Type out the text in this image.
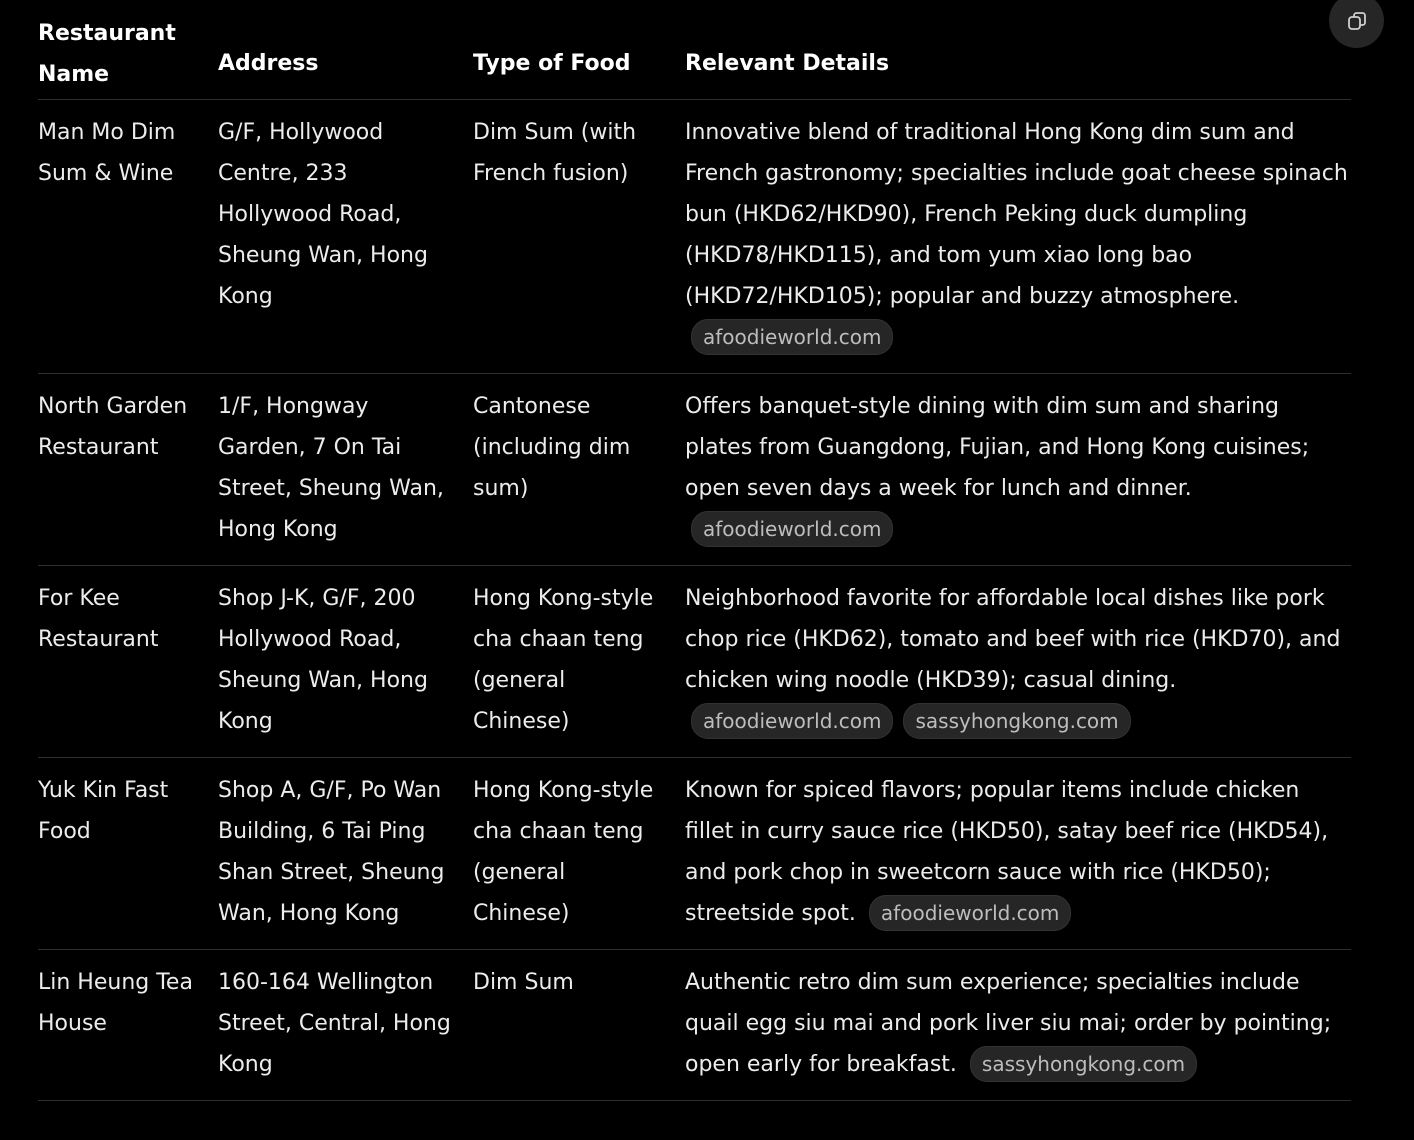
Restaurant Name	Address	Type of Food	Relevant Details

Man Mo Dim Sum & Wine	G/F, Hollywood Centre, 233 Hollywood Road, Sheung Wan, Hong Kong	Dim Sum (with French fusion)	Innovative blend of traditional Hong Kong dim sum and French gastronomy; specialties include goat cheese spinach bun (HKD62/HKD90), French Peking duck dumpling (HKD78/HKD115), and tom yum xiao long bao (HKD72/HKD105); popular and buzzy atmosphere. afoodieworld.com
North Garden Restaurant	1/F, Hongway Garden, 7 On Tai Street, Sheung Wan, Hong Kong	Cantonese (including dim sum)	Offers banquet-style dining with dim sum and sharing plates from Guangdong, Fujian, and Hong Kong cuisines; open seven days a week for lunch and dinner. afoodieworld.com
For Kee Restaurant	Shop J-K, G/F, 200 Hollywood Road, Sheung Wan, Hong Kong	Hong Kong-style cha chaan teng (general Chinese)	Neighborhood favorite for affordable local dishes like pork chop rice (HKD62), tomato and beef with rice (HKD70), and chicken wing noodle (HKD39); casual dining. afoodieworld.com sassyhongkong.com
Yuk Kin Fast Food	Shop A, G/F, Po Wan Building, 6 Tai Ping Shan Street, Sheung Wan, Hong Kong	Hong Kong-style cha chaan teng (general Chinese)	Known for spiced flavors; popular items include chicken fillet in curry sauce rice (HKD50), satay beef rice (HKD54), and pork chop in sweetcorn sauce with rice (HKD50); streetside spot. afoodieworld.com
Lin Heung Tea House	160-164 Wellington Street, Central, Hong Kong	Dim Sum	Authentic retro dim sum experience; specialties include quail egg siu mai and pork liver siu mai; order by pointing; open early for breakfast. sassyhongkong.com
